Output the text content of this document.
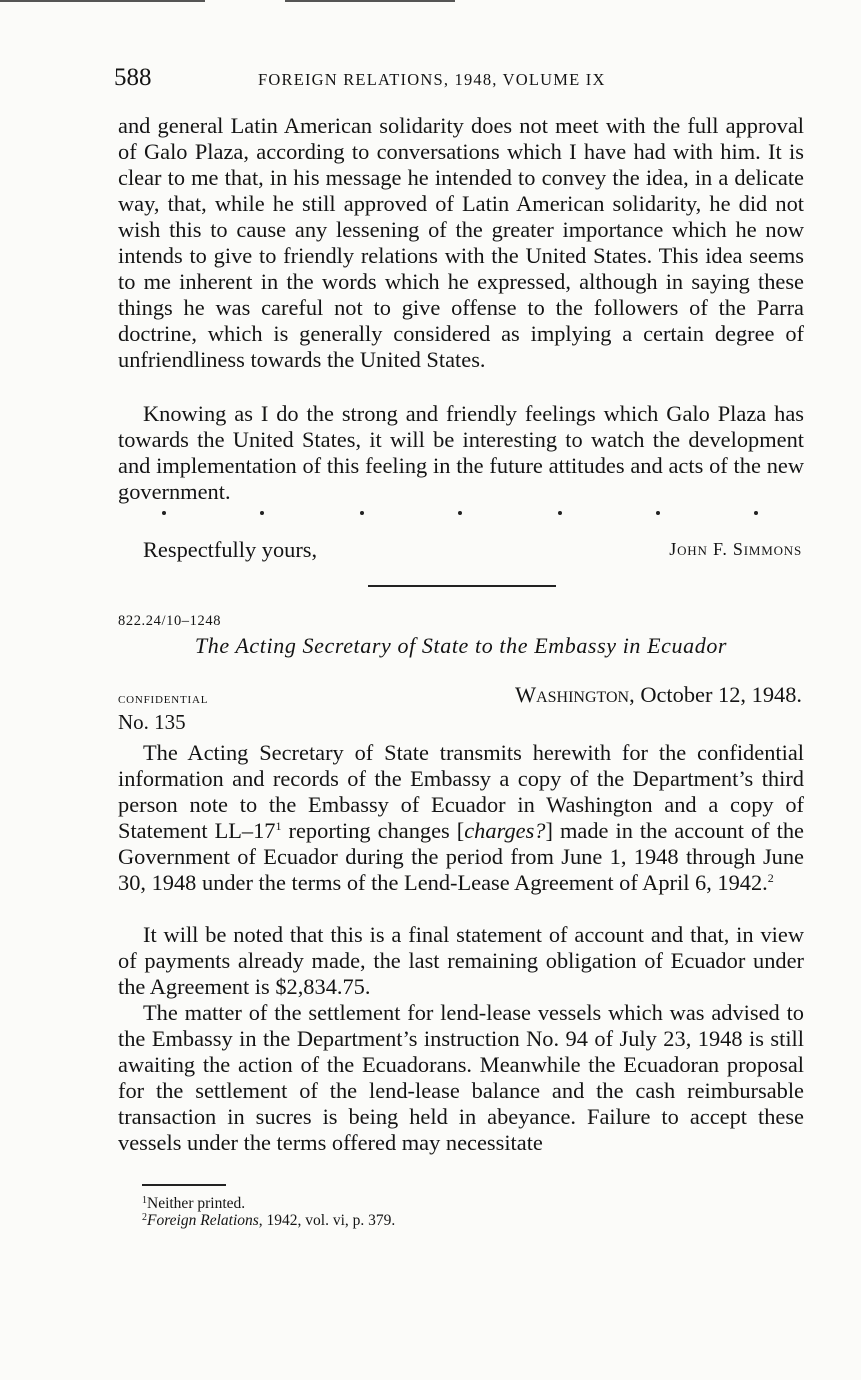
588	FOREIGN RELATIONS, 1948, VOLUME IX

and general Latin American solidarity does not meet with the full approval of Galo Plaza, according to conversations which I have had with him. It is clear to me that, in his message he intended to convey the idea, in a delicate way, that, while he still approved of Latin American solidarity, he did not wish this to cause any lessening of the greater importance which he now intends to give to friendly relations with the United States. This idea seems to me inherent in the words which he expressed, although in saying these things he was careful not to give offense to the followers of the Parra doctrine, which is generally considered as implying a certain degree of unfriendliness towards the United States.

Knowing as I do the strong and friendly feelings which Galo Plaza has towards the United States, it will be interesting to watch the development and implementation of this feeling in the future attitudes and acts of the new government.

Respectfully yours,	John F. Simmons
822.24/10–1248
The Acting Secretary of State to the Embassy in Ecuador
confidential	Washington, October 12, 1948.
No. 135

The Acting Secretary of State transmits herewith for the confidential information and records of the Embassy a copy of the Department’s third person note to the Embassy of Ecuador in Washington and a copy of Statement $LL-17^1$ reporting changes [charges?] made in the account of the Government of Ecuador during the period from June 1, 1948 through June 30, 1948 under the terms of the Lend-Lease Agreement of April 6, 1942.$^2$

It will be noted that this is a final statement of account and that, in view of payments already made, the last remaining obligation of Ecuador under the Agreement is $2,834.75.

The matter of the settlement for lend-lease vessels which was advised to the Embassy in the Department’s instruction No. 94 of July 23, 1948 is still awaiting the action of the Ecuadorans. Meanwhile the Ecuadoran proposal for the settlement of the lend-lease balance and the cash reimbursable transaction in sucres is being held in abeyance. Failure to accept these vessels under the terms offered may necessitate

$^1$Neither printed.
$^2$Foreign Relations, 1942, vol. vi, p. 379.
